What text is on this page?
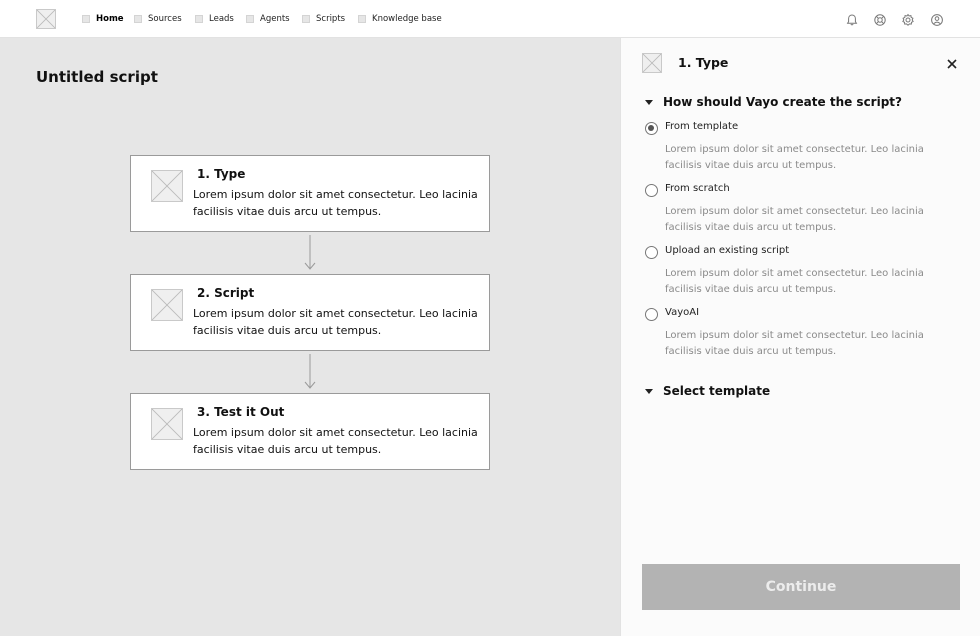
Home	Sources	Leads	Agents	Scripts	Knowledge base
Untitled script
1. Type
Lorem ipsum dolor sit amet consectetur. Leo lacinia facilisis vitae duis arcu ut tempus.
2. Script
Lorem ipsum dolor sit amet consectetur. Leo lacinia facilisis vitae duis arcu ut tempus.
3. Test it Out
Lorem ipsum dolor sit amet consectetur. Leo lacinia facilisis vitae duis arcu ut tempus.
1. Type
How should Vayo create the script?
From template
Lorem ipsum dolor sit amet consectetur. Leo lacinia facilisis vitae duis arcu ut tempus.
From scratch
Lorem ipsum dolor sit amet consectetur. Leo lacinia facilisis vitae duis arcu ut tempus.
Upload an existing script
Lorem ipsum dolor sit amet consectetur. Leo lacinia facilisis vitae duis arcu ut tempus.
VayoAI
Lorem ipsum dolor sit amet consectetur. Leo lacinia facilisis vitae duis arcu ut tempus.
Select template
Continue
